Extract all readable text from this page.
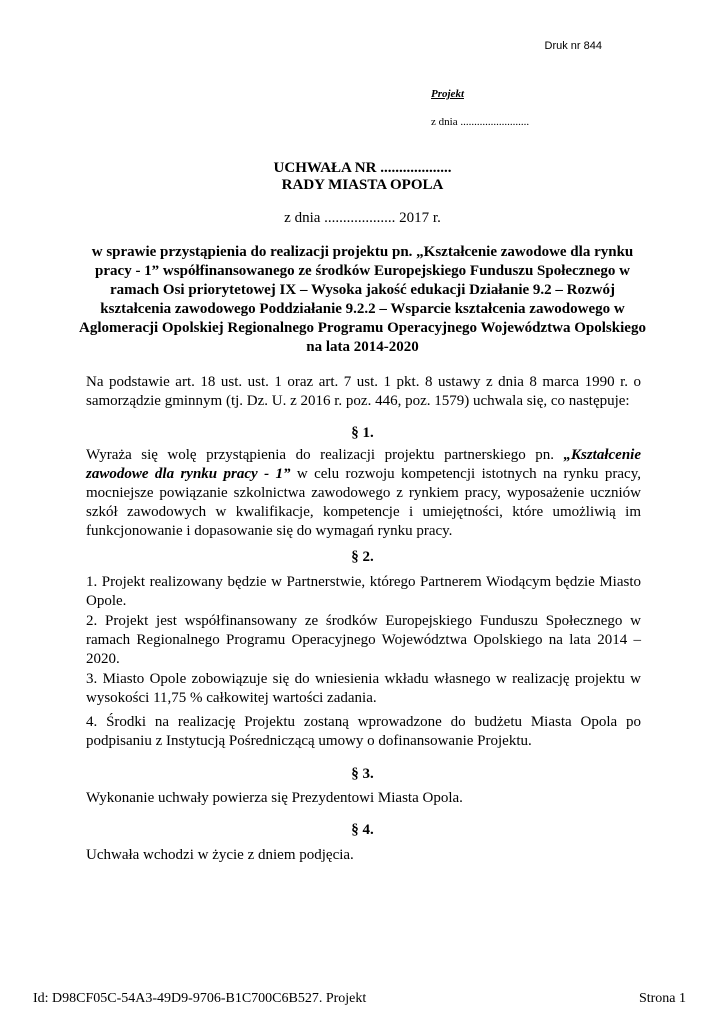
Druk nr 844
Projekt
z dnia .........................
UCHWAŁA NR ...................
RADY MIASTA OPOLA
z dnia ................... 2017 r.
w sprawie przystąpienia do realizacji projektu pn. „Kształcenie zawodowe dla rynku pracy - 1” współfinansowanego ze środków Europejskiego Funduszu Społecznego w ramach Osi priorytetowej IX – Wysoka jakość edukacji Działanie 9.2 – Rozwój kształcenia zawodowego Poddziałanie 9.2.2 – Wsparcie kształcenia zawodowego w Aglomeracji Opolskiej Regionalnego Programu Operacyjnego Województwa Opolskiego na lata 2014-2020
Na podstawie art. 18 ust. ust. 1 oraz art. 7 ust. 1 pkt. 8 ustawy z dnia 8 marca 1990 r. o samorządzie gminnym (tj. Dz. U. z 2016 r. poz. 446, poz. 1579) uchwala się, co następuje:
§ 1.
Wyraża się wolę przystąpienia do realizacji projektu partnerskiego pn. „Kształcenie zawodowe dla rynku pracy - 1” w celu rozwoju kompetencji istotnych na rynku pracy, mocniejsze powiązanie szkolnictwa zawodowego z rynkiem pracy, wyposażenie uczniów szkół zawodowych w kwalifikacje, kompetencje i umiejętności, które umożliwią im funkcjonowanie i dopasowanie się do wymagań rynku pracy.
§ 2.
1. Projekt realizowany będzie w Partnerstwie, którego Partnerem Wiodącym będzie Miasto Opole.
2. Projekt jest współfinansowany ze środków Europejskiego Funduszu Społecznego w ramach Regionalnego Programu Operacyjnego Województwa Opolskiego na lata 2014 – 2020.
3. Miasto Opole zobowiązuje się do wniesienia wkładu własnego w realizację projektu w wysokości 11,75 % całkowitej wartości zadania.
4. Środki na realizację Projektu zostaną wprowadzone do budżetu Miasta Opola po podpisaniu z Instytucją Pośredniczącą umowy o dofinansowanie Projektu.
§ 3.
Wykonanie uchwały powierza się Prezydentowi Miasta Opola.
§ 4.
Uchwała wchodzi w życie z dniem podjęcia.
Id: D98CF05C-54A3-49D9-9706-B1C700C6B527. Projekt	Strona 1
